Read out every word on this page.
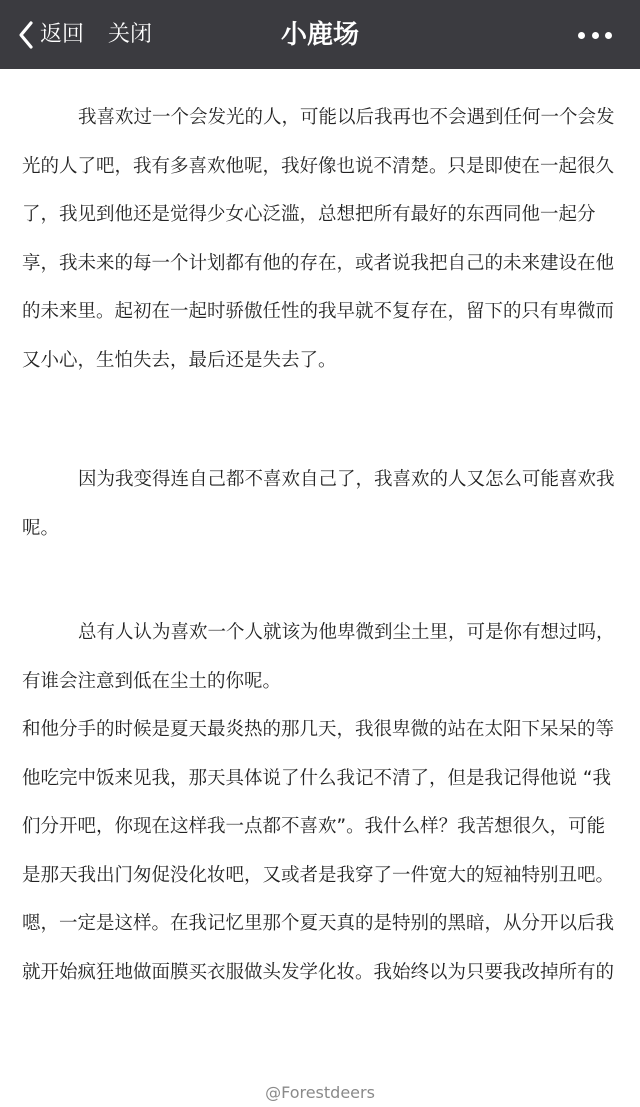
返回 关闭	小鹿场
我喜欢过一个会发光的人，可能以后我再也不会遇到任何一个会发
光的人了吧，我有多喜欢他呢，我好像也说不清楚。只是即使在一起很久
了，我见到他还是觉得少女心泛滥，总想把所有最好的东西同他一起分
享，我未来的每一个计划都有他的存在，或者说我把自己的未来建设在他
的未来里。起初在一起时骄傲任性的我早就不复存在，留下的只有卑微而
又小心，生怕失去，最后还是失去了。
因为我变得连自己都不喜欢自己了，我喜欢的人又怎么可能喜欢我
呢。
总有人认为喜欢一个人就该为他卑微到尘土里，可是你有想过吗，
有谁会注意到低在尘土的你呢。
和他分手的时候是夏天最炎热的那几天，我很卑微的站在太阳下呆呆的等
他吃完中饭来见我，那天具体说了什么我记不清了，但是我记得他说 “我
们分开吧，你现在这样我一点都不喜欢”。我什么样？我苦想很久，可能
是那天我出门匆促没化妆吧，又或者是我穿了一件宽大的短袖特别丑吧。
嗯，一定是这样。在我记忆里那个夏天真的是特别的黑暗，从分开以后我
就开始疯狂地做面膜买衣服做头发学化妆。我始终以为只要我改掉所有的
@Forestdeers
